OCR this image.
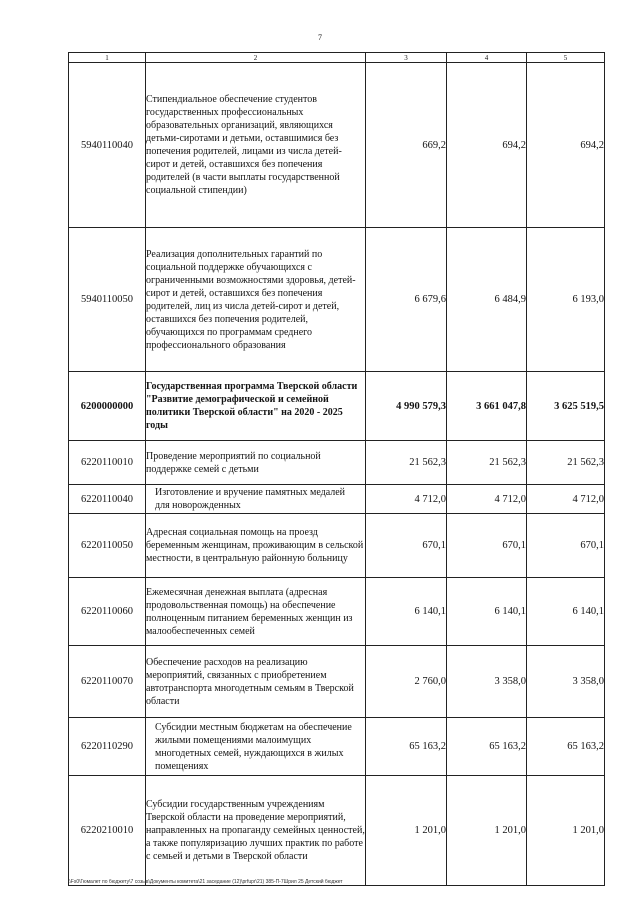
7
1	2	3	4	5
5940110040	Стипендиальное обеспечение студентов государственных профессиональных образовательных организаций, являющихся детьми-сиротами и детьми, оставшимися без попечения родителей, лицами из числа детей-сирот и детей, оставшихся без попечения родителей (в части выплаты государственной социальной стипендии)	669,2	694,2	694,2
5940110050	Реализация дополнительных гарантий по социальной поддержке обучающихся с ограниченными возможностями здоровья, детей-сирот и детей, оставшихся без попечения родителей, лиц из числа детей-сирот и детей, оставшихся без попечения родителей, обучающихся по программам среднего профессионального образования	6 679,6	6 484,9	6 193,0
6200000000	Государственная программа Тверской области "Развитие демографической и семейной политики Тверской области" на 2020 - 2025 годы	4 990 579,3	3 661 047,8	3 625 519,5
6220110010	Проведение мероприятий по социальной поддержке семей с детьми	21 562,3	21 562,3	21 562,3
6220110040	Изготовление и вручение памятных медалей для новорожденных	4 712,0	4 712,0	4 712,0
6220110050	Адресная социальная помощь на проезд беременным женщинам, проживающим в сельской местности, в центральную районную больницу	670,1	670,1	670,1
6220110060	Ежемесячная денежная выплата (адресная продовольственная помощь) на обеспечение полноценным питанием беременных женщин из малообеспеченных семей	6 140,1	6 140,1	6 140,1
6220110070	Обеспечение расходов на реализацию мероприятий, связанных с приобретением автотранспорта многодетным семьям в Тверской области	2 760,0	3 358,0	3 358,0
6220110290	Субсидии местным бюджетам на обеспечение жилыми помещениями малоимущих многодетных семей, нуждающихся в жилых помещениях	65 163,2	65 163,2	65 163,2
6220210010	Субсидии государственным учреждениям Тверской области на проведение мероприятий, направленных на пропаганду семейных ценностей, а также популяризацию лучших практик по работе с семьей и детьми в Тверской области	1 201,0	1 201,0	1 201,0
\\Fs0\Гюмалет по бюджету\7 созыв\Документы комитета\21 заседание (12)\prfupr\21) 385-П-7Шрил 25 Детский бюджет
